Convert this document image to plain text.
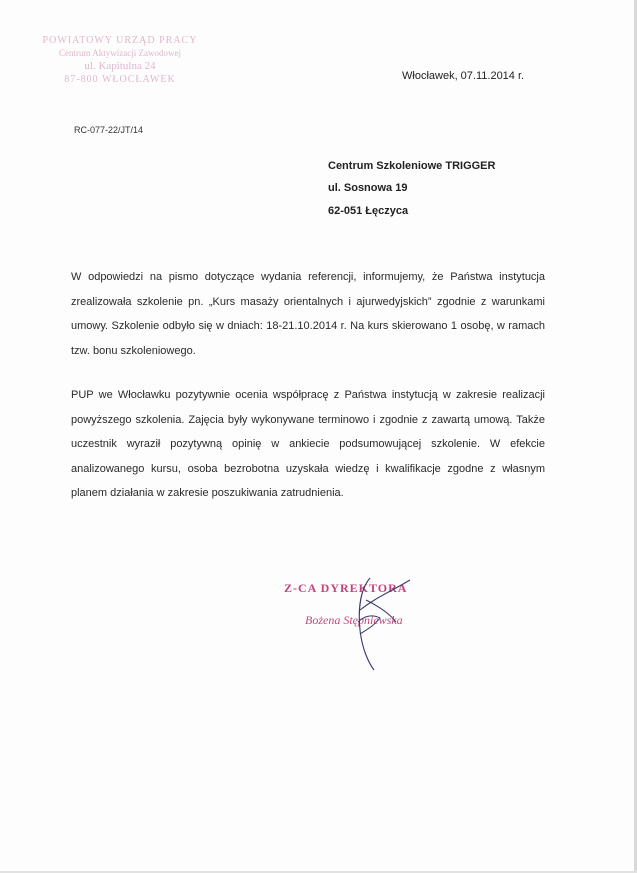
POWIATOWY URZĄD PRACY
Centrum Aktywizacji Zawodowej
ul. Kapitulna 24
87-800 WŁOCŁAWEK
RC-077-22/JT/14
Włocławek, 07.11.2014 r.
Centrum Szkoleniowe TRIGGER
ul. Sosnowa 19
62-051 Łęczyca

W odpowiedzi na pismo dotyczące wydania referencji, informujemy, że Państwa instytucja zrealizowała szkolenie pn. „Kurs masaży orientalnych i ajurwedyjskich” zgodnie z warunkami umowy. Szkolenie odbyło się w dniach: 18-21.10.2014 r. Na kurs skierowano 1 osobę, w ramach tzw. bonu szkoleniowego.

PUP we Włocławku pozytywnie ocenia współpracę z Państwa instytucją w zakresie realizacji powyższego szkolenia. Zajęcia były wykonywane terminowo i zgodnie z zawartą umową. Także uczestnik wyraził pozytywną opinię w ankiecie podsumowującej szkolenie. W efekcie analizowanego kursu, osoba bezrobotna uzyskała wiedzę i kwalifikacje zgodne z własnym planem działania w zakresie poszukiwania zatrudnienia.

Z-CA DYREKTORA
Bożena Stępniewska
